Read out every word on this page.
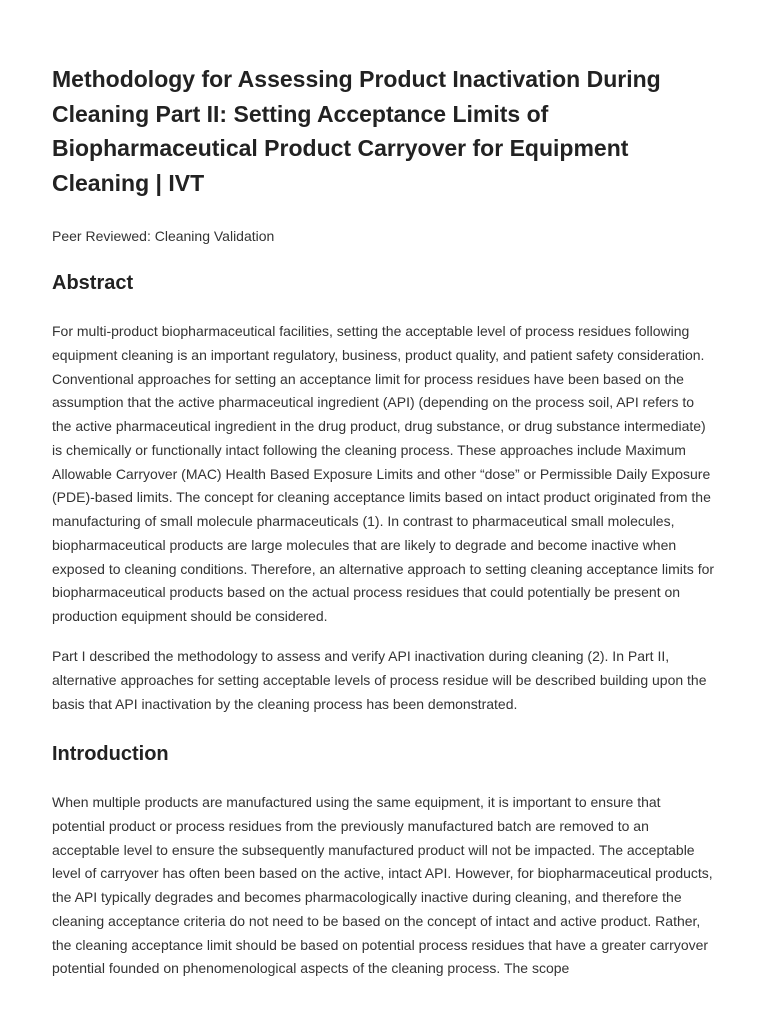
Methodology for Assessing Product Inactivation During Cleaning Part II: Setting Acceptance Limits of Biopharmaceutical Product Carryover for Equipment Cleaning | IVT

Peer Reviewed: Cleaning Validation

Abstract

For multi-product biopharmaceutical facilities, setting the acceptable level of process residues following equipment cleaning is an important regulatory, business, product quality, and patient safety consideration. Conventional approaches for setting an acceptance limit for process residues have been based on the assumption that the active pharmaceutical ingredient (API) (depending on the process soil, API refers to the active pharmaceutical ingredient in the drug product, drug substance, or drug substance intermediate) is chemically or functionally intact following the cleaning process. These approaches include Maximum Allowable Carryover (MAC) Health Based Exposure Limits and other “dose” or Permissible Daily Exposure (PDE)-based limits. The concept for cleaning acceptance limits based on intact product originated from the manufacturing of small molecule pharmaceuticals (1). In contrast to pharmaceutical small molecules, biopharmaceutical products are large molecules that are likely to degrade and become inactive when exposed to cleaning conditions. Therefore, an alternative approach to setting cleaning acceptance limits for biopharmaceutical products based on the actual process residues that could potentially be present on production equipment should be considered.

Part I described the methodology to assess and verify API inactivation during cleaning (2). In Part II, alternative approaches for setting acceptable levels of process residue will be described building upon the basis that API inactivation by the cleaning process has been demonstrated.

Introduction

When multiple products are manufactured using the same equipment, it is important to ensure that potential product or process residues from the previously manufactured batch are removed to an acceptable level to ensure the subsequently manufactured product will not be impacted. The acceptable level of carryover has often been based on the active, intact API. However, for biopharmaceutical products, the API typically degrades and becomes pharmacologically inactive during cleaning, and therefore the cleaning acceptance criteria do not need to be based on the concept of intact and active product. Rather, the cleaning acceptance limit should be based on potential process residues that have a greater carryover potential founded on phenomenological aspects of the cleaning process. The scope
